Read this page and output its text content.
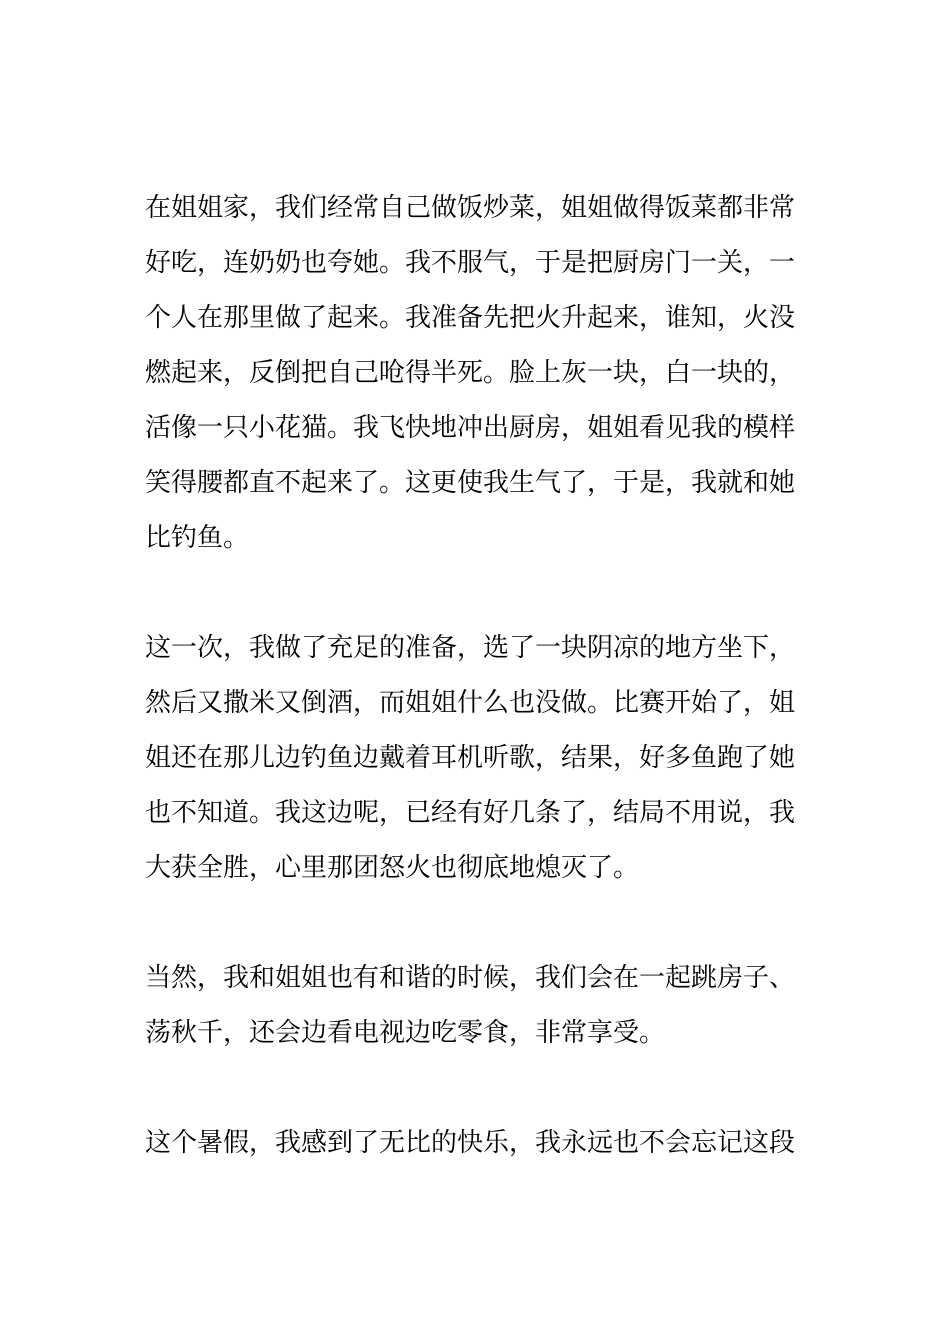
在姐姐家，我们经常自己做饭炒菜，姐姐做得饭菜都非常
好吃，连奶奶也夸她。我不服气，于是把厨房门一关，一
个人在那里做了起来。我准备先把火升起来，谁知，火没
燃起来，反倒把自己呛得半死。脸上灰一块，白一块的，
活像一只小花猫。我飞快地冲出厨房，姐姐看见我的模样
笑得腰都直不起来了。这更使我生气了，于是，我就和她
比钓鱼。
这一次，我做了充足的准备，选了一块阴凉的地方坐下，
然后又撒米又倒酒，而姐姐什么也没做。比赛开始了，姐
姐还在那儿边钓鱼边戴着耳机听歌，结果，好多鱼跑了她
也不知道。我这边呢，已经有好几条了，结局不用说，我
大获全胜，心里那团怒火也彻底地熄灭了。
当然，我和姐姐也有和谐的时候，我们会在一起跳房子、
荡秋千，还会边看电视边吃零食，非常享受。
这个暑假，我感到了无比的快乐，我永远也不会忘记这段
